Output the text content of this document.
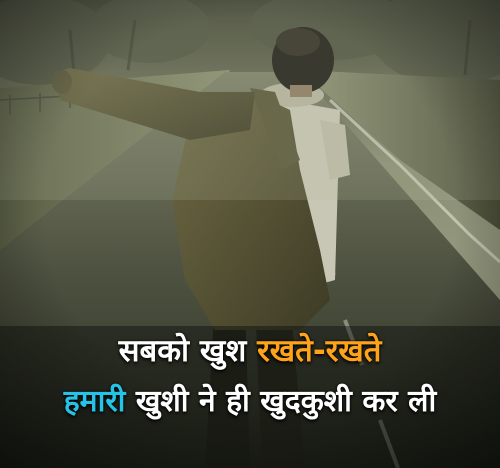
सबको खुश रखते-रखते
हमारी खुशी ने ही खुदकुशी कर ली
